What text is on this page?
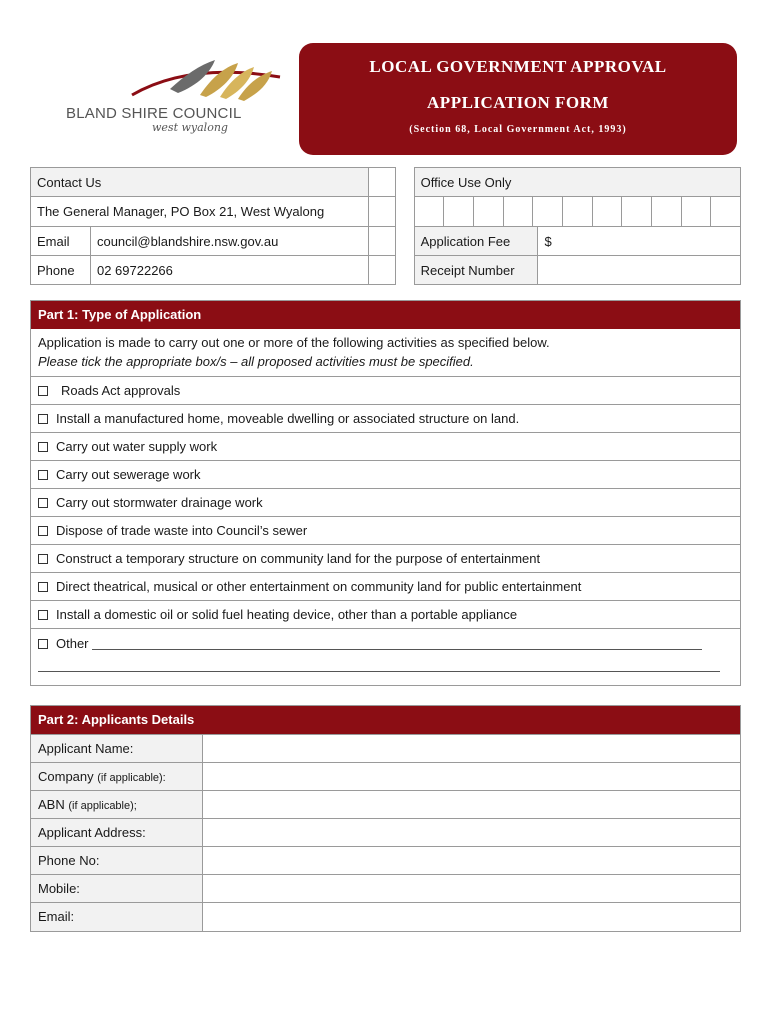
BLAND SHIRE COUNCIL
west wyalong
LOCAL GOVERNMENT APPROVAL
APPLICATION FORM
(Section 68, Local Government Act, 1993)
Contact Us				Office Use Only	
The General Manager, PO Box 21, West Wyalong					

Email	council@blandshire.nsw.gov.au			Application Fee	$
Phone	02 69722266			Receipt Number	
Part 1: Type of Application
Application is made to carry out one or more of the following activities as specified below.
Please tick the appropriate box/s – all proposed activities must be specified.
Roads Act approvals
Install a manufactured home, moveable dwelling or associated structure on land.
Carry out water supply work
Carry out sewerage work
Carry out stormwater drainage work
Dispose of trade waste into Council’s sewer
Construct a temporary structure on community land for the purpose of entertainment
Direct theatrical, musical or other entertainment on community land for public entertainment
Install a domestic oil or solid fuel heating device, other than a portable appliance
Other
Part 2: Applicants Details
Applicant Name:	
Company (if applicable):	
ABN (if applicable);	
Applicant Address:	
Phone No:	
Mobile:	
Email:	
